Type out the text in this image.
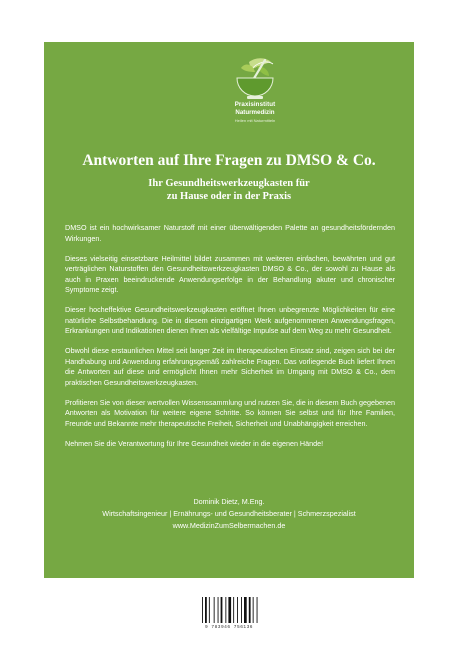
Praxisinstitut
Naturmedizin
Heilen mit Naturmitteln
Antworten auf Ihre Fragen zu DMSO & Co.
Ihr Gesundheitswerkzeugkasten für
zu Hause oder in der Praxis

DMSO ist ein hochwirksamer Naturstoff mit einer überwältigenden Palette an gesundheitsfördernden Wirkungen.

Dieses vielseitig einsetzbare Heilmittel bildet zusammen mit weiteren einfachen, bewährten und gut verträglichen Naturstoffen den Gesundheitswerkzeugkasten DMSO & Co., der sowohl zu Hause als auch in Praxen beeindruckende Anwendungserfolge in der Behandlung akuter und chronischer Symptome zeigt.

Dieser hocheffektive Gesundheitswerkzeugkasten eröffnet Ihnen unbegrenzte Möglichkeiten für eine natürliche Selbstbehandlung. Die in diesem einzigartigen Werk aufgenommenen Anwendungsfragen, Erkrankungen und Indikationen dienen Ihnen als vielfältige Impulse auf dem Weg zu mehr Gesundheit.

Obwohl diese erstaunlichen Mittel seit langer Zeit im therapeutischen Einsatz sind, zeigen sich bei der Handhabung und Anwendung erfahrungsgemäß zahlreiche Fragen. Das vorliegende Buch liefert Ihnen die Antworten auf diese und ermöglicht Ihnen mehr Sicherheit im Umgang mit DMSO & Co., dem praktischen Gesundheitswerkzeugkasten.

Profitieren Sie von dieser wertvollen Wissenssammlung und nutzen Sie, die in diesem Buch gegebenen Antworten als Motivation für weitere eigene Schritte. So können Sie selbst und für Ihre Familien, Freunde und Bekannte mehr therapeutische Freiheit, Sicherheit und Unabhängigkeit erreichen.

Nehmen Sie die Verantwortung für Ihre Gesundheit wieder in die eigenen Hände!

Dominik Dietz, M.Eng.
Wirtschaftsingenieur | Ernährungs- und Gesundheitsberater | Schmerzspezialist
www.MedizinZumSelbermachen.de
9 783946 756136
